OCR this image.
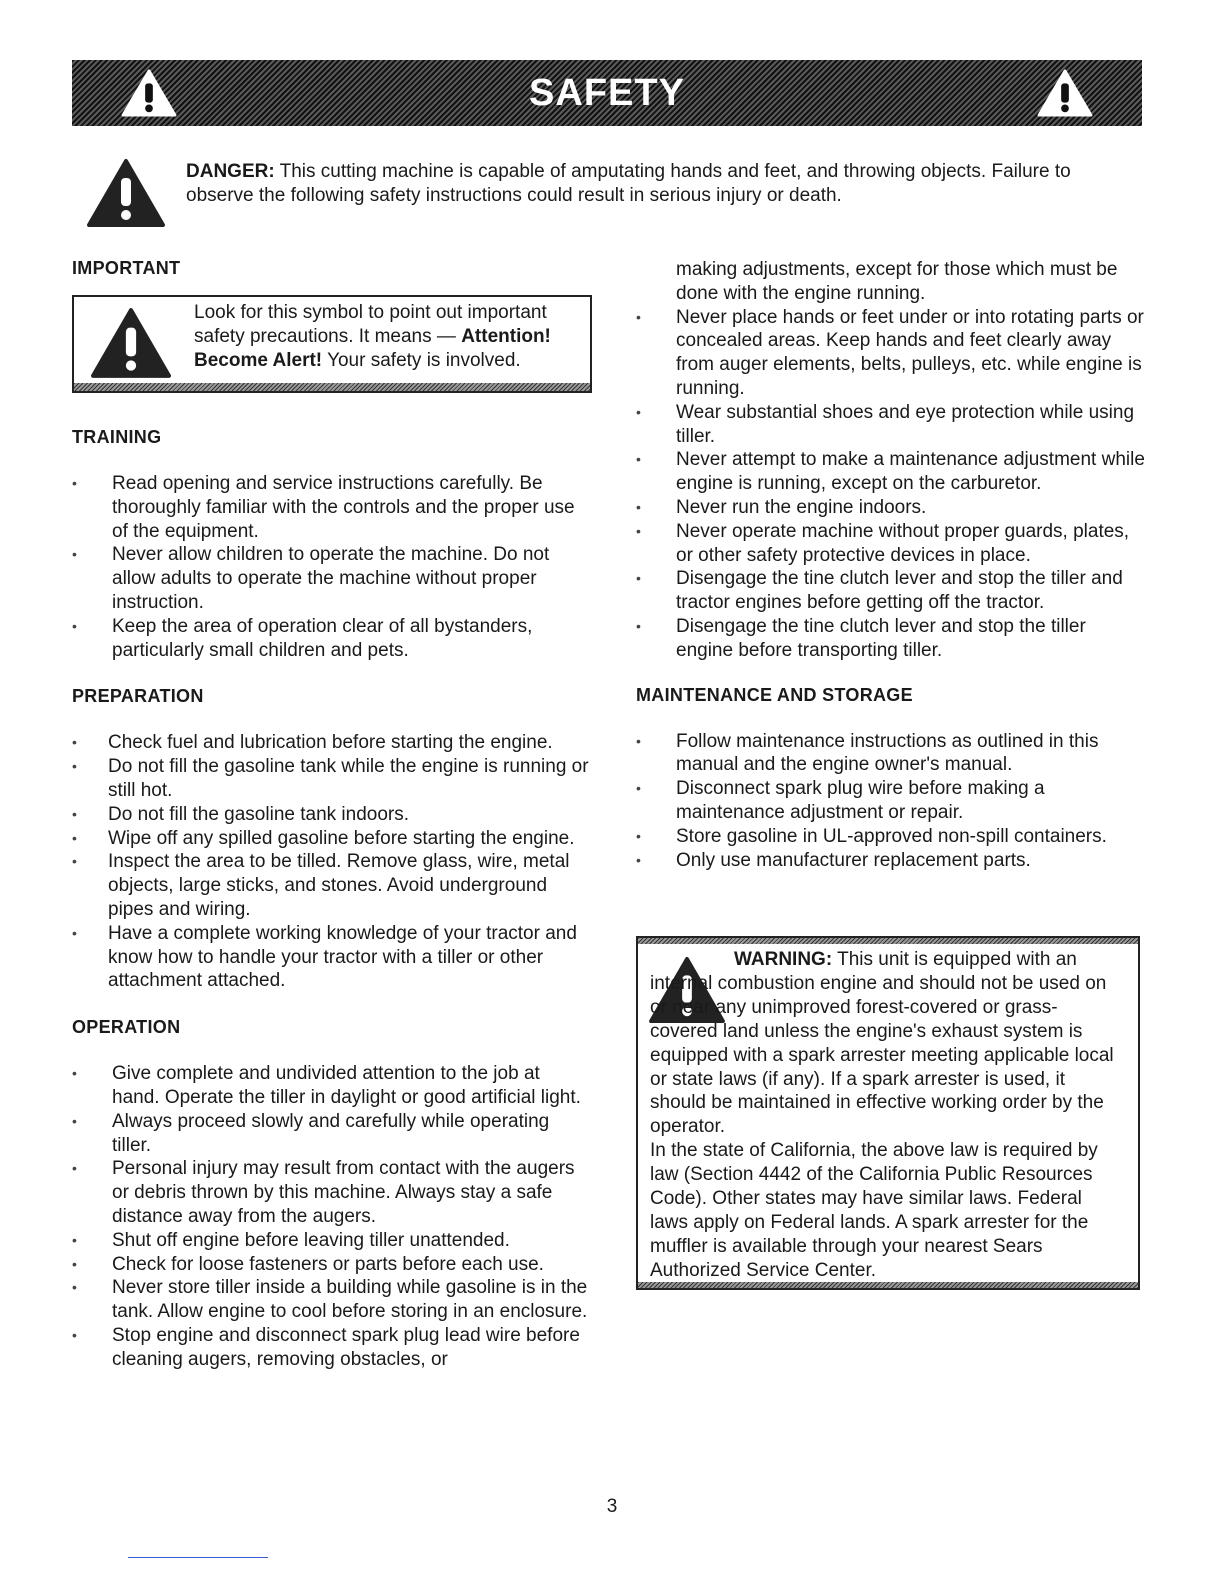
SAFETY
DANGER: This cutting machine is capable of amputating hands and feet, and throwing objects. Failure to observe the following safety instructions could result in serious injury or death.
IMPORTANT
Look for this symbol to point out important safety precautions. It means — Attention! Become Alert! Your safety is involved.
TRAINING
• Read opening and service instructions carefully. Be thoroughly familiar with the controls and the proper use of the equipment.
• Never allow children to operate the machine. Do not allow adults to operate the machine without proper instruction.
• Keep the area of operation clear of all bystanders, particularly small children and pets.
PREPARATION
• Check fuel and lubrication before starting the engine.
• Do not fill the gasoline tank while the engine is running or still hot.
• Do not fill the gasoline tank indoors.
• Wipe off any spilled gasoline before starting the engine.
• Inspect the area to be tilled. Remove glass, wire, metal objects, large sticks, and stones. Avoid underground pipes and wiring.
• Have a complete working knowledge of your tractor and know how to handle your tractor with a tiller or other attachment attached.
OPERATION
• Give complete and undivided attention to the job at hand. Operate the tiller in daylight or good artificial light.
• Always proceed slowly and carefully while operating tiller.
• Personal injury may result from contact with the augers or debris thrown by this machine. Always stay a safe distance away from the augers.
• Shut off engine before leaving tiller unattended.
• Check for loose fasteners or parts before each use.
• Never store tiller inside a building while gasoline is in the tank. Allow engine to cool before storing in an enclosure.
• Stop engine and disconnect spark plug lead wire before cleaning augers, removing obstacles, or
making adjustments, except for those which must be done with the engine running.
• Never place hands or feet under or into rotating parts or concealed areas. Keep hands and feet clearly away from auger elements, belts, pulleys, etc. while engine is running.
• Wear substantial shoes and eye protection while using tiller.
• Never attempt to make a maintenance adjustment while engine is running, except on the carburetor.
• Never run the engine indoors.
• Never operate machine without proper guards, plates, or other safety protective devices in place.
• Disengage the tine clutch lever and stop the tiller and tractor engines before getting off the tractor.
• Disengage the tine clutch lever and stop the tiller engine before transporting tiller.
MAINTENANCE AND STORAGE
• Follow maintenance instructions as outlined in this manual and the engine owner's manual.
• Disconnect spark plug wire before making a maintenance adjustment or repair.
• Store gasoline in UL-approved non-spill containers.
• Only use manufacturer replacement parts.

WARNING: This unit is equipped with an internal combustion engine and should not be used on or near any unimproved forest-covered or grass-covered land unless the engine's exhaust system is equipped with a spark arrester meeting applicable local or state laws (if any). If a spark arrester is used, it should be maintained in effective working order by the operator.

In the state of California, the above law is required by law (Section 4442 of the California Public Resources Code). Other states may have similar laws. Federal laws apply on Federal lands. A spark arrester for the muffler is available through your nearest Sears Authorized Service Center.

3
